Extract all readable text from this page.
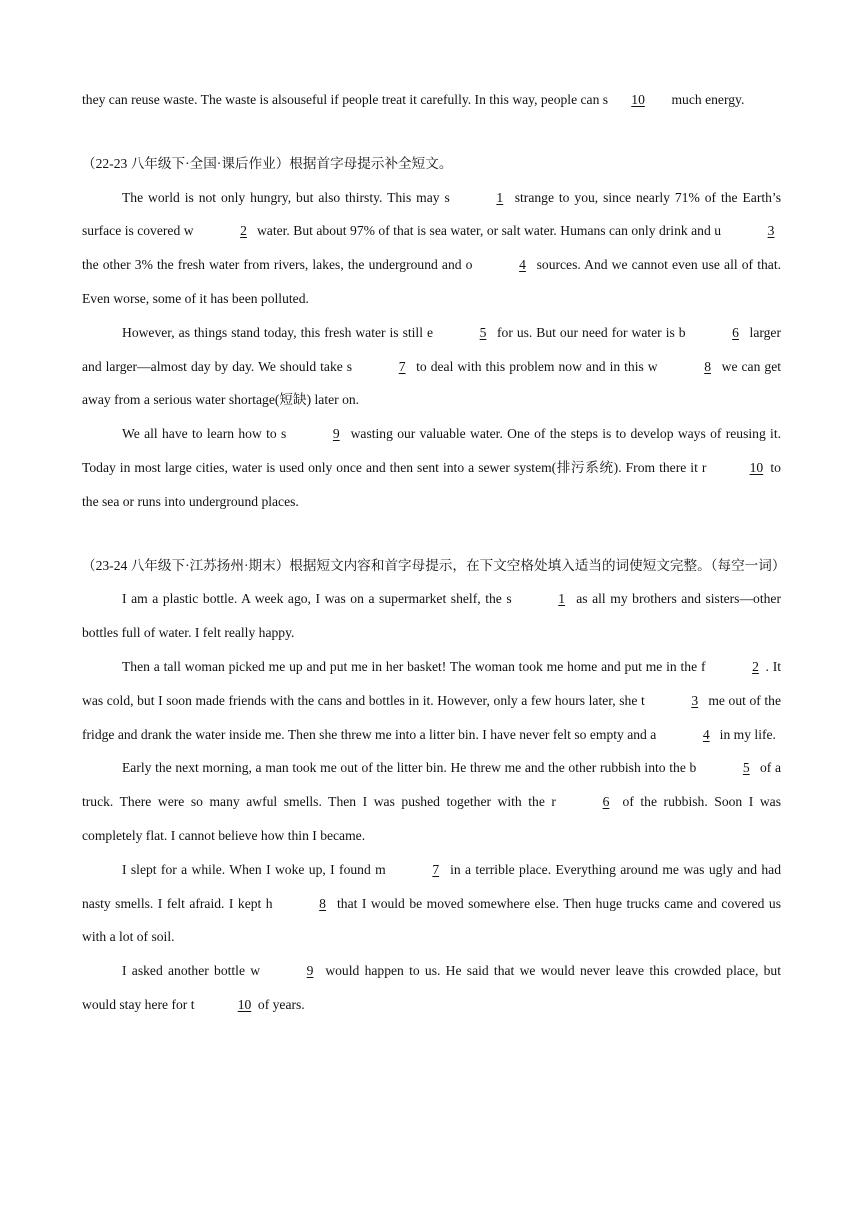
they can reuse waste. The waste is alsouseful if people treat it carefully. In this way, people can s 10 much energy.

（22-23 八年级下·全国·课后作业）根据首字母提示补全短文。

The world is not only hungry, but also thirsty. This may s	1 strange to you, since nearly 71% of the Earth’s surface is covered w	2 water. But about 97% of that is sea water, or salt water. Humans can only drink and u	3 the other 3% the fresh water from rivers, lakes, the underground and o	4 sources. And we cannot even use all of that. Even worse, some of it has been polluted.

However, as things stand today, this fresh water is still e	5 for us. But our need for water is b	6 larger and larger—almost day by day. We should take s	7 to deal with this problem now and in this w	8 we can get away from a serious water shortage(短缺) later on.

We all have to learn how to s	9 wasting our valuable water. One of the steps is to develop ways of reusing it. Today in most large cities, water is used only once and then sent into a sewer system(排污系统). From there it r	10 to the sea or runs into underground places.

（23-24 八年级下·江苏扬州·期末）根据短文内容和首字母提示，在下文空格处填入适当的词使短文完整。（每空一词）

I am a plastic bottle. A week ago, I was on a supermarket shelf, the s	1 as all my brothers and sisters—other bottles full of water. I felt really happy.

Then a tall woman picked me up and put me in her basket! The woman took me home and put me in the f	2 . It was cold, but I soon made friends with the cans and bottles in it. However, only a few hours later, she t	3 me out of the fridge and drank the water inside me. Then she threw me into a litter bin. I have never felt so empty and a	4 in my life.

Early the next morning, a man took me out of the litter bin. He threw me and the other rubbish into the b	5 of a truck. There were so many awful smells. Then I was pushed together with the r	6 of the rubbish. Soon I was completely flat. I cannot believe how thin I became.

I slept for a while. When I woke up, I found m	7 in a terrible place. Everything around me was ugly and had nasty smells. I felt afraid. I kept h	8 that I would be moved somewhere else. Then huge trucks came and covered us with a lot of soil.

I asked another bottle w	9 would happen to us. He said that we would never leave this crowded place, but would stay here for t	10 of years.
